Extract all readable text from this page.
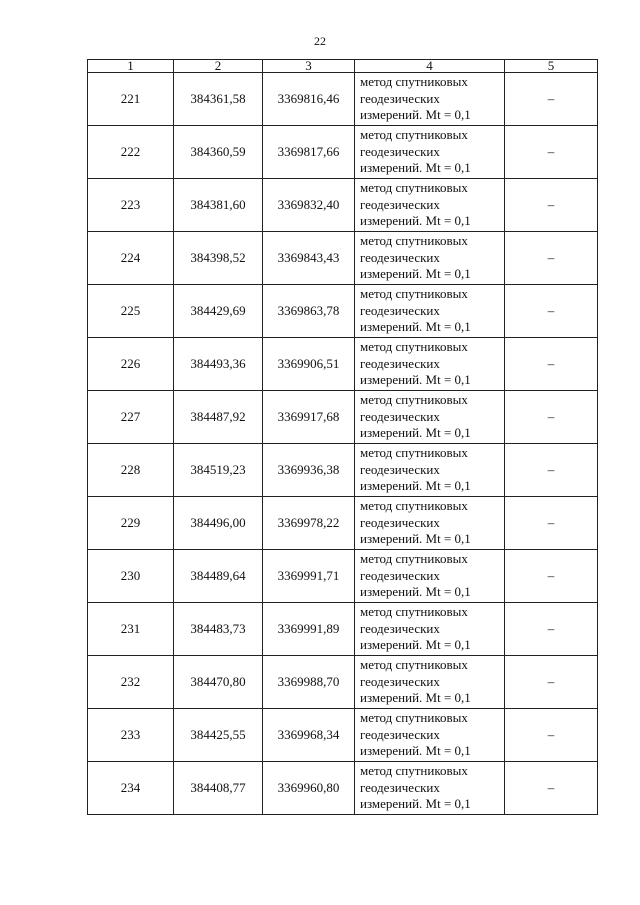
22
1	2	3	4	5
221	384361,58	3369816,46	метод спутниковых
геодезических
измерений. Mt = 0,1	–
222	384360,59	3369817,66	метод спутниковых
геодезических
измерений. Mt = 0,1	–
223	384381,60	3369832,40	метод спутниковых
геодезических
измерений. Mt = 0,1	–
224	384398,52	3369843,43	метод спутниковых
геодезических
измерений. Mt = 0,1	–
225	384429,69	3369863,78	метод спутниковых
геодезических
измерений. Mt = 0,1	–
226	384493,36	3369906,51	метод спутниковых
геодезических
измерений. Mt = 0,1	–
227	384487,92	3369917,68	метод спутниковых
геодезических
измерений. Mt = 0,1	–
228	384519,23	3369936,38	метод спутниковых
геодезических
измерений. Mt = 0,1	–
229	384496,00	3369978,22	метод спутниковых
геодезических
измерений. Mt = 0,1	–
230	384489,64	3369991,71	метод спутниковых
геодезических
измерений. Mt = 0,1	–
231	384483,73	3369991,89	метод спутниковых
геодезических
измерений. Mt = 0,1	–
232	384470,80	3369988,70	метод спутниковых
геодезических
измерений. Mt = 0,1	–
233	384425,55	3369968,34	метод спутниковых
геодезических
измерений. Mt = 0,1	–
234	384408,77	3369960,80	метод спутниковых
геодезических
измерений. Mt = 0,1	–
